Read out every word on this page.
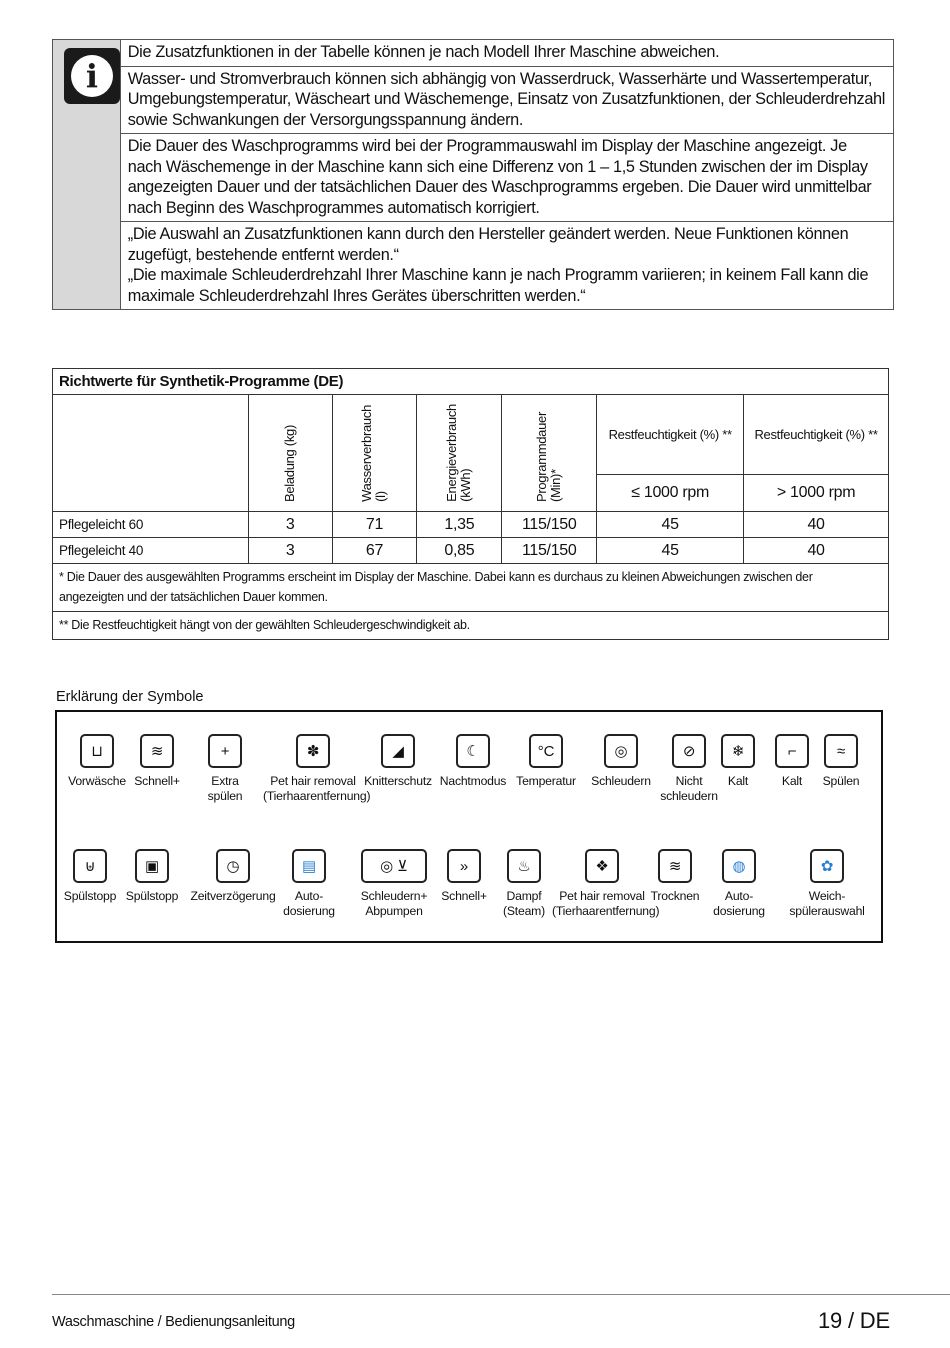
i
Die Zusatzfunktionen in der Tabelle können je nach Modell Ihrer Maschine abweichen.
Wasser- und Stromverbrauch können sich abhängig von Wasserdruck, Wasserhärte und Wassertemperatur,
Umgebungstemperatur, Wäscheart und Wäschemenge, Einsatz von Zusatzfunktionen, der Schleuderdrehzahl
sowie Schwankungen der Versorgungsspannung ändern.
Die Dauer des Waschprogramms wird bei der Programmauswahl im Display der Maschine angezeigt. Je
nach Wäschemenge in der Maschine kann sich eine Differenz von 1 – 1,5 Stunden zwischen der im Display
angezeigten Dauer und der tatsächlichen Dauer des Waschprogramms ergeben. Die Dauer wird unmittelbar
nach Beginn des Waschprogrammes automatisch korrigiert.
„Die Auswahl an Zusatzfunktionen kann durch den Hersteller geändert werden. Neue Funktionen können
zugefügt, bestehende entfernt werden.“
„Die maximale Schleuderdrehzahl Ihrer Maschine kann je nach Programm variieren; in keinem Fall kann die
maximale Schleuderdrehzahl Ihres Gerätes überschritten werden.“
Richtwerte für Synthetik-Programme (DE)						
	Beladung (kg)	Wasserverbrauch
(l)	Energieverbrauch
(kWh)	Programmdauer
(Min)*	Restfeuchtigkeit (%) **	Restfeuchtigkeit (%) **
					≤ 1000 rpm	> 1000 rpm
Pflegeleicht 60	3	71	1,35	115/150	45	40
Pflegeleicht 40	3	67	0,85	115/150	45	40

* Die Dauer des ausgewählten Programms erscheint im Display der Maschine. Dabei kann es durchaus zu kleinen Abweichungen zwischen der
angezeigten und der tatsächlichen Dauer kommen.						

** Die Restfeuchtigkeit hängt von der gewählten Schleudergeschwindigkeit ab.						
Erklärung der Symbole
⊔
Vorwäsche
≋
Schnell+
+
Extra
spülen
✽
Pet hair removal
(Tierhaarentfernung)
◢
Knitterschutz
☾
Nachtmodus
°C
Temperatur
◎
Schleudern
⊘
Nicht
schleudern
❄
Kalt
⌐
Kalt
≈
Spülen
⊎
Spülstopp
▣
Spülstopp
◷
Zeitverzögerung
▤
Auto-
dosierung
◎ ⊻
Schleudern+
Abpumpen
»
Schnell+
♨
Dampf
(Steam)
❖
Pet hair removal
(Tierhaarentfernung)
≋
Trocknen
◍
Auto-
dosierung
✿
Weich-
spülerauswahl
Waschmaschine / Bedienungsanleitung	19 / DE
